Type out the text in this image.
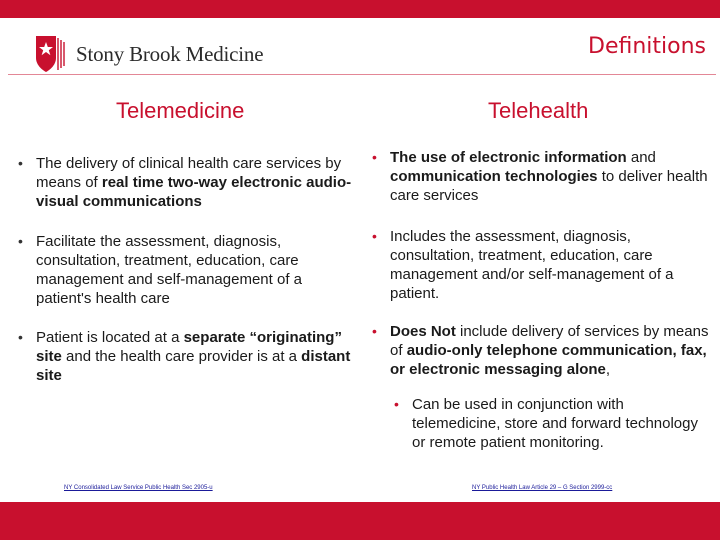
Stony Brook Medicine	Definitions
Telemedicine	Telehealth
• The delivery of clinical health care services by means of real time two-way electronic audio-visual communications
• Facilitate the assessment, diagnosis, consultation, treatment, education, care management and self-management of a patient's health care
• Patient is located at a separate “originating” site and the health care provider is at a distant site
• The use of electronic information and communication technologies to deliver health care services
• Includes the assessment, diagnosis, consultation, treatment, education, care management and/or self-management of a patient.
• Does Not include delivery of services by means of audio-only telephone communication, fax, or electronic messaging alone,
• Can be used in conjunction with telemedicine, store and forward technology or remote patient monitoring.
NY Consolidated Law Service Public Health Sec 2905-u	NY Public Health Law Article 29 – G Section 2999-cc
